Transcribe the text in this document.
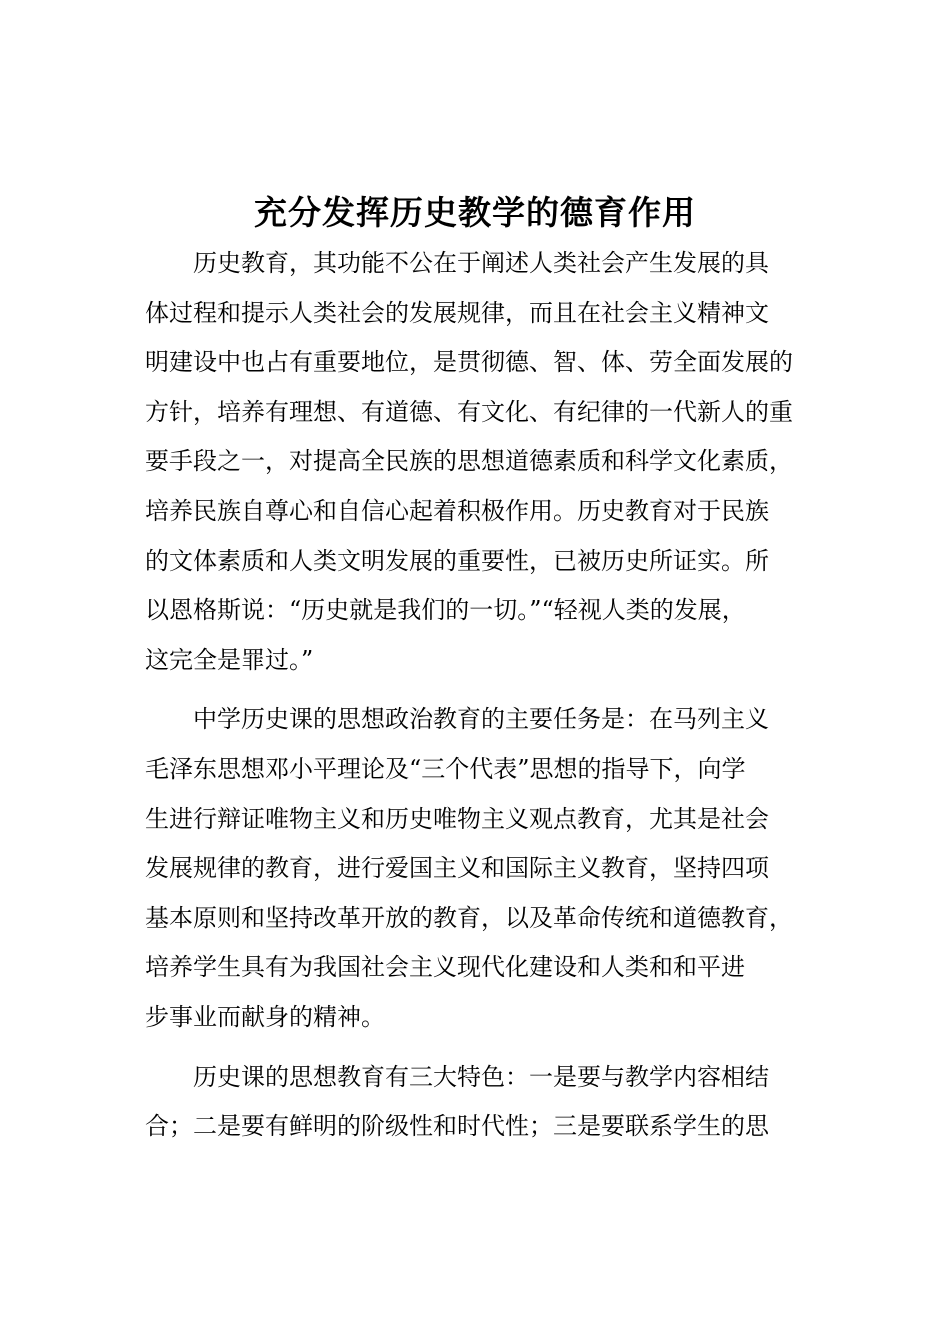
充分发挥历史教学的德育作用

历史教育，其功能不公在于阐述人类社会产生发展的具
体过程和提示人类社会的发展规律，而且在社会主义精神文
明建设中也占有重要地位，是贯彻德、智、体、劳全面发展的
方针，培养有理想、有道德、有文化、有纪律的一代新人的重
要手段之一，对提高全民族的思想道德素质和科学文化素质，
培养民族自尊心和自信心起着积极作用。历史教育对于民族
的文体素质和人类文明发展的重要性，已被历史所证实。所
以恩格斯说：“历史就是我们的一切。”“轻视人类的发展，
这完全是罪过。”

中学历史课的思想政治教育的主要任务是：在马列主义
毛泽东思想邓小平理论及“三个代表”思想的指导下，向学
生进行辩证唯物主义和历史唯物主义观点教育，尤其是社会
发展规律的教育，进行爱国主义和国际主义教育，坚持四项
基本原则和坚持改革开放的教育，以及革命传统和道德教育，
培养学生具有为我国社会主义现代化建设和人类和和平进
步事业而献身的精神。

历史课的思想教育有三大特色：一是要与教学内容相结
合；二是要有鲜明的阶级性和时代性；三是要联系学生的思
